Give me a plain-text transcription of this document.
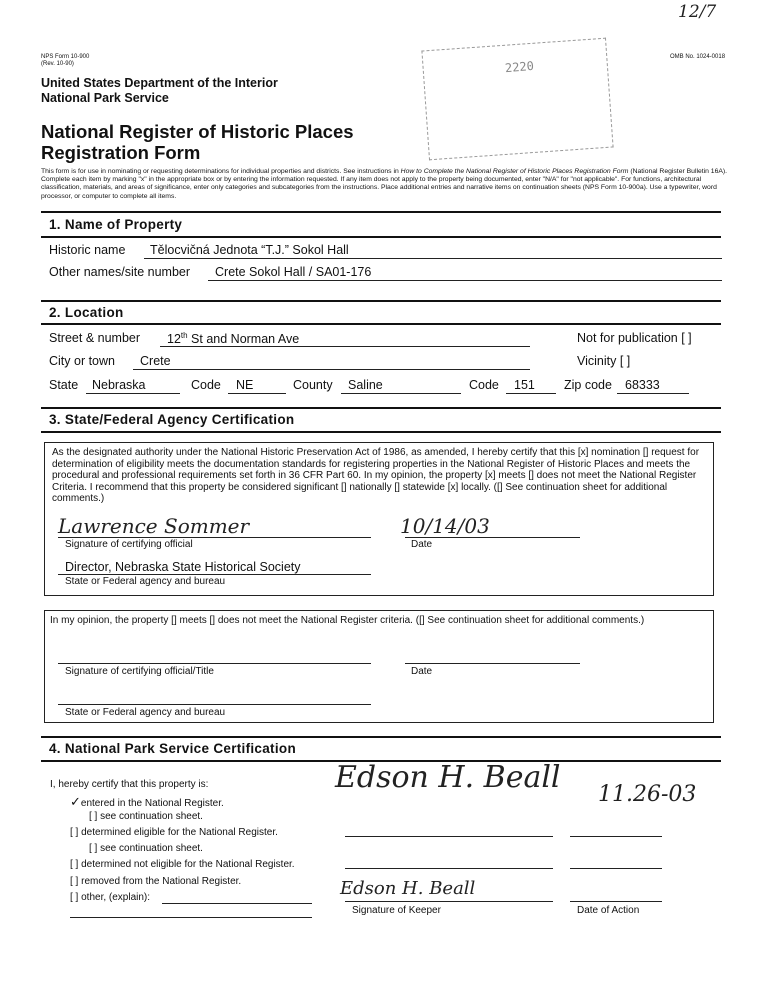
12/7
NPS Form 10-900
(Rev. 10-90)
OMB No. 1024-0018
United States Department of the Interior
National Park Service
National Register of Historic Places
Registration Form
2220
This form is for use in nominating or requesting determinations for individual properties and districts. See instructions in How to Complete the National Register of Historic Places Registration Form (National Register Bulletin 16A). Complete each item by marking "x" in the appropriate box or by entering the information requested. If any item does not apply to the property being documented, enter "N/A" for "not applicable". For functions, architectural classification, materials, and areas of significance, enter only categories and subcategories from the instructions. Place additional entries and narrative items on continuation sheets (NPS Form 10-900a). Use a typewriter, word processor, or computer to complete all items.
1. Name of Property
Historic name Tělocvičná Jednota “T.J.” Sokol Hall
Other names/site number Crete Sokol Hall / SA01-176
2. Location
Street & number 12th St and Norman Ave	Not for publication [ ]
City or town Crete	Vicinity [ ]
State Nebraska	Code NE	County Saline	Code 151 Zip code 68333
3. State/Federal Agency Certification
As the designated authority under the National Historic Preservation Act of 1986, as amended, I hereby certify that this [x] nomination [] request for determination of eligibility meets the documentation standards for registering properties in the National Register of Historic Places and meets the procedural and professional requirements set forth in 36 CFR Part 60. In my opinion, the property [x] meets [] does not meet the National Register Criteria. I recommend that this property be considered significant [] nationally [] statewide [x] locally. ([] See continuation sheet for additional comments.)
Lawrence Sommer
Signature of certifying official
10/14/03
Date
Director, Nebraska State Historical Society
State or Federal agency and bureau
In my opinion, the property [] meets [] does not meet the National Register criteria. ([] See continuation sheet for additional comments.)
Signature of certifying official/Title	Date
State or Federal agency and bureau
4. National Park Service Certification
I, hereby certify that this property is:
✓entered in the National Register.
[ ] see continuation sheet.
[ ] determined eligible for the National Register.
[ ] see continuation sheet.
[ ] determined not eligible for the National Register.
[ ] removed from the National Register.
[ ] other, (explain):
Edson H. Beall 11.26-03
Edson H. Beall
Signature of Keeper	Date of Action
